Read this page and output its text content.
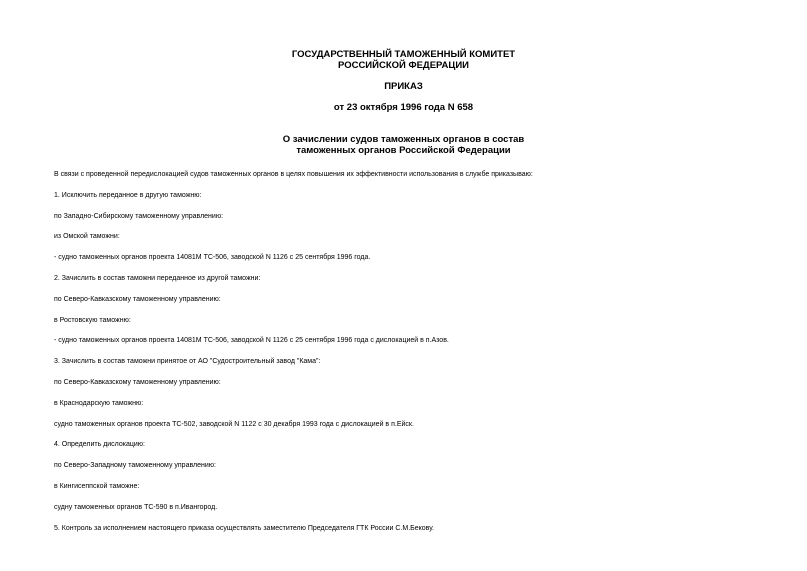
ГОСУДАРСТВЕННЫЙ ТАМОЖЕННЫЙ КОМИТЕТ
РОССИЙСКОЙ ФЕДЕРАЦИИ
ПРИКАЗ
от 23 октября 1996 года N 658
О зачислении судов таможенных органов в состав
таможенных органов Российской Федерации

В связи с проведенной передислокацией судов таможенных органов в целях повышения их эффективности использования в службе приказываю:

1. Исключить переданное в другую таможню:

по Западно-Сибирскому таможенному управлению:

из Омской таможни:

- судно таможенных органов проекта 14081М ТС-506, заводской N 1126 с 25 сентября 1996 года.

2. Зачислить в состав таможни переданное из другой таможни:

по Северо-Кавказскому таможенному управлению:

в Ростовскую таможню:

- судно таможенных органов проекта 14081М ТС-506, заводской N 1126 с 25 сентября 1996 года с дислокацией в п.Азов.

3. Зачислить в состав таможни принятое от АО "Судостроительный завод "Кама":

по Северо-Кавказскому таможенному управлению:

в Краснодарскую таможню:

судно таможенных органов проекта ТС-502, заводской N 1122 с 30 декабря 1993 года с дислокацией в п.Ейск.

4. Определить дислокацию:

по Северо-Западному таможенному управлению:

в Кингисеппской таможне:

судну таможенных органов ТС-590 в п.Ивангород.

5. Контроль за исполнением настоящего приказа осуществлять заместителю Председателя ГТК России С.М.Бекову.
